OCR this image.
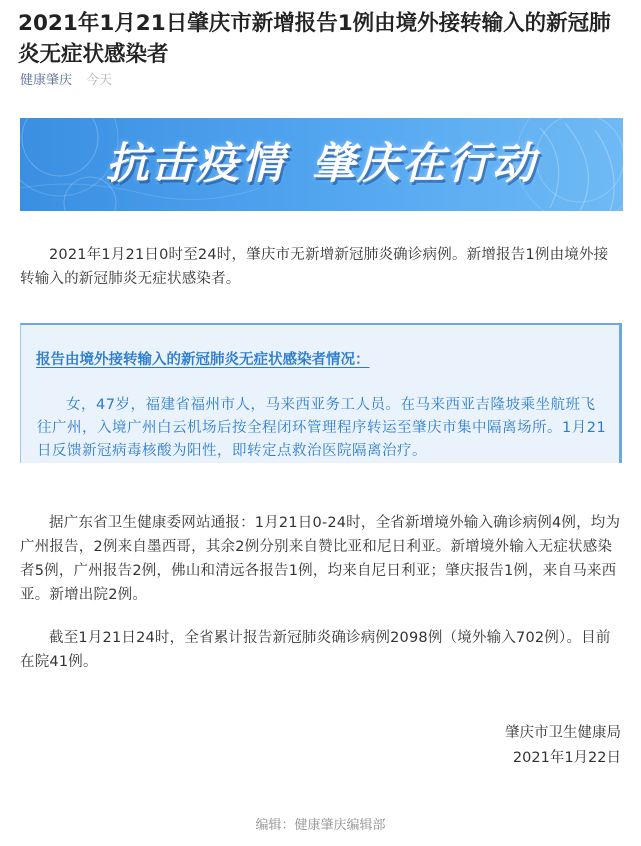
2021年1月21日肇庆市新增报告1例由境外接转输入的新冠肺炎无症状感染者
健康肇庆 今天
抗击疫情 肇庆在行动

2021年1月21日0时至24时，肇庆市无新增新冠肺炎确诊病例。新增报告1例由境外接转输入的新冠肺炎无症状感染者。

报告由境外接转输入的新冠肺炎无症状感染者情况：
女，47岁，福建省福州市人，马来西亚务工人员。在马来西亚吉隆坡乘坐航班飞往广州，入境广州白云机场后按全程闭环管理程序转运至肇庆市集中隔离场所。1月21日反馈新冠病毒核酸为阳性，即转定点救治医院隔离治疗。

据广东省卫生健康委网站通报：1月21日0-24时，全省新增境外输入确诊病例4例，均为广州报告，2例来自墨西哥，其余2例分别来自赞比亚和尼日利亚。新增境外输入无症状感染者5例，广州报告2例，佛山和清远各报告1例，均来自尼日利亚；肇庆报告1例，来自马来西亚。新增出院2例。

截至1月21日24时，全省累计报告新冠肺炎确诊病例2098例（境外输入702例）。目前在院41例。

肇庆市卫生健康局
2021年1月22日
编辑：健康肇庆编辑部
